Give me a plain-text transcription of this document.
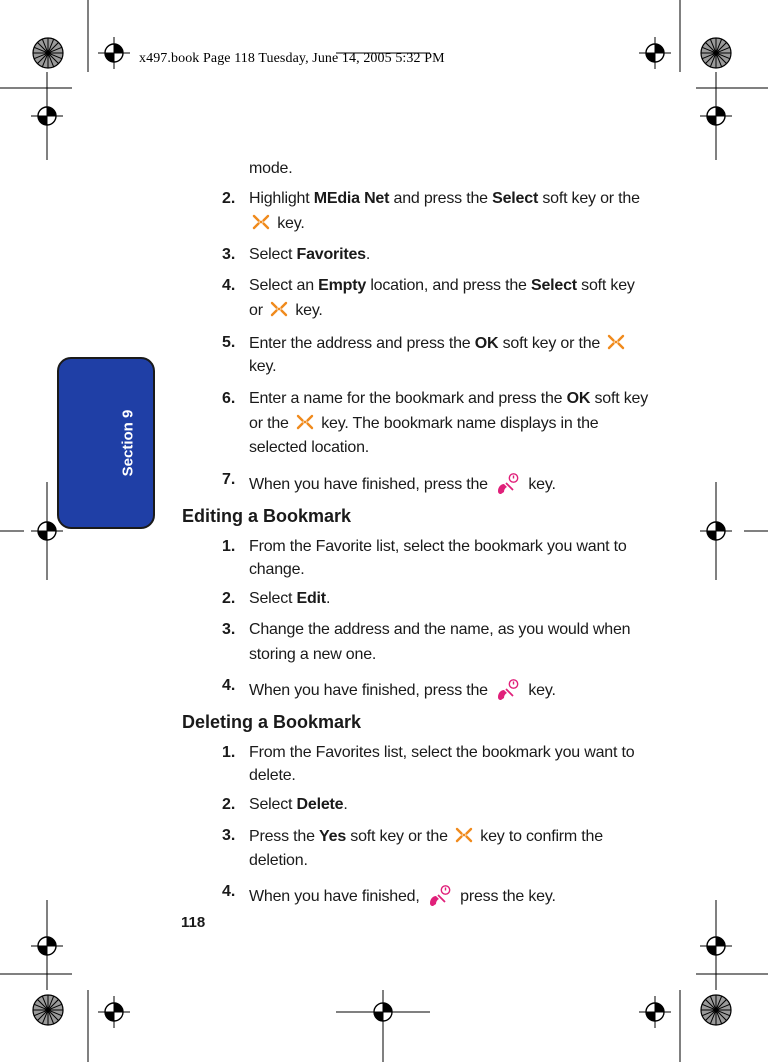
x497.book Page 118 Tuesday, June 14, 2005 5:32 PM
Section 9
mode.
2. Highlight MEdia Net and press the Select soft key or the
key.
3. Select Favorites.
4. Select an Empty location, and press the Select soft key
or  key.
5. Enter the address and press the OK soft key or the
key.
6. Enter a name for the bookmark and press the OK soft key
or the  key. The bookmark name displays in the
selected location.
7. When you have finished, press the  key.
Editing a Bookmark
1. From the Favorite list, select the bookmark you want to
change.
2. Select Edit.
3. Change the address and the name, as you would when
storing a new one.
4. When you have finished, press the  key.
Deleting a Bookmark
1. From the Favorites list, select the bookmark you want to
delete.
2. Select Delete.
3. Press the Yes soft key or the  key to confirm the
deletion.
4. When you have finished,  press the key.
118
